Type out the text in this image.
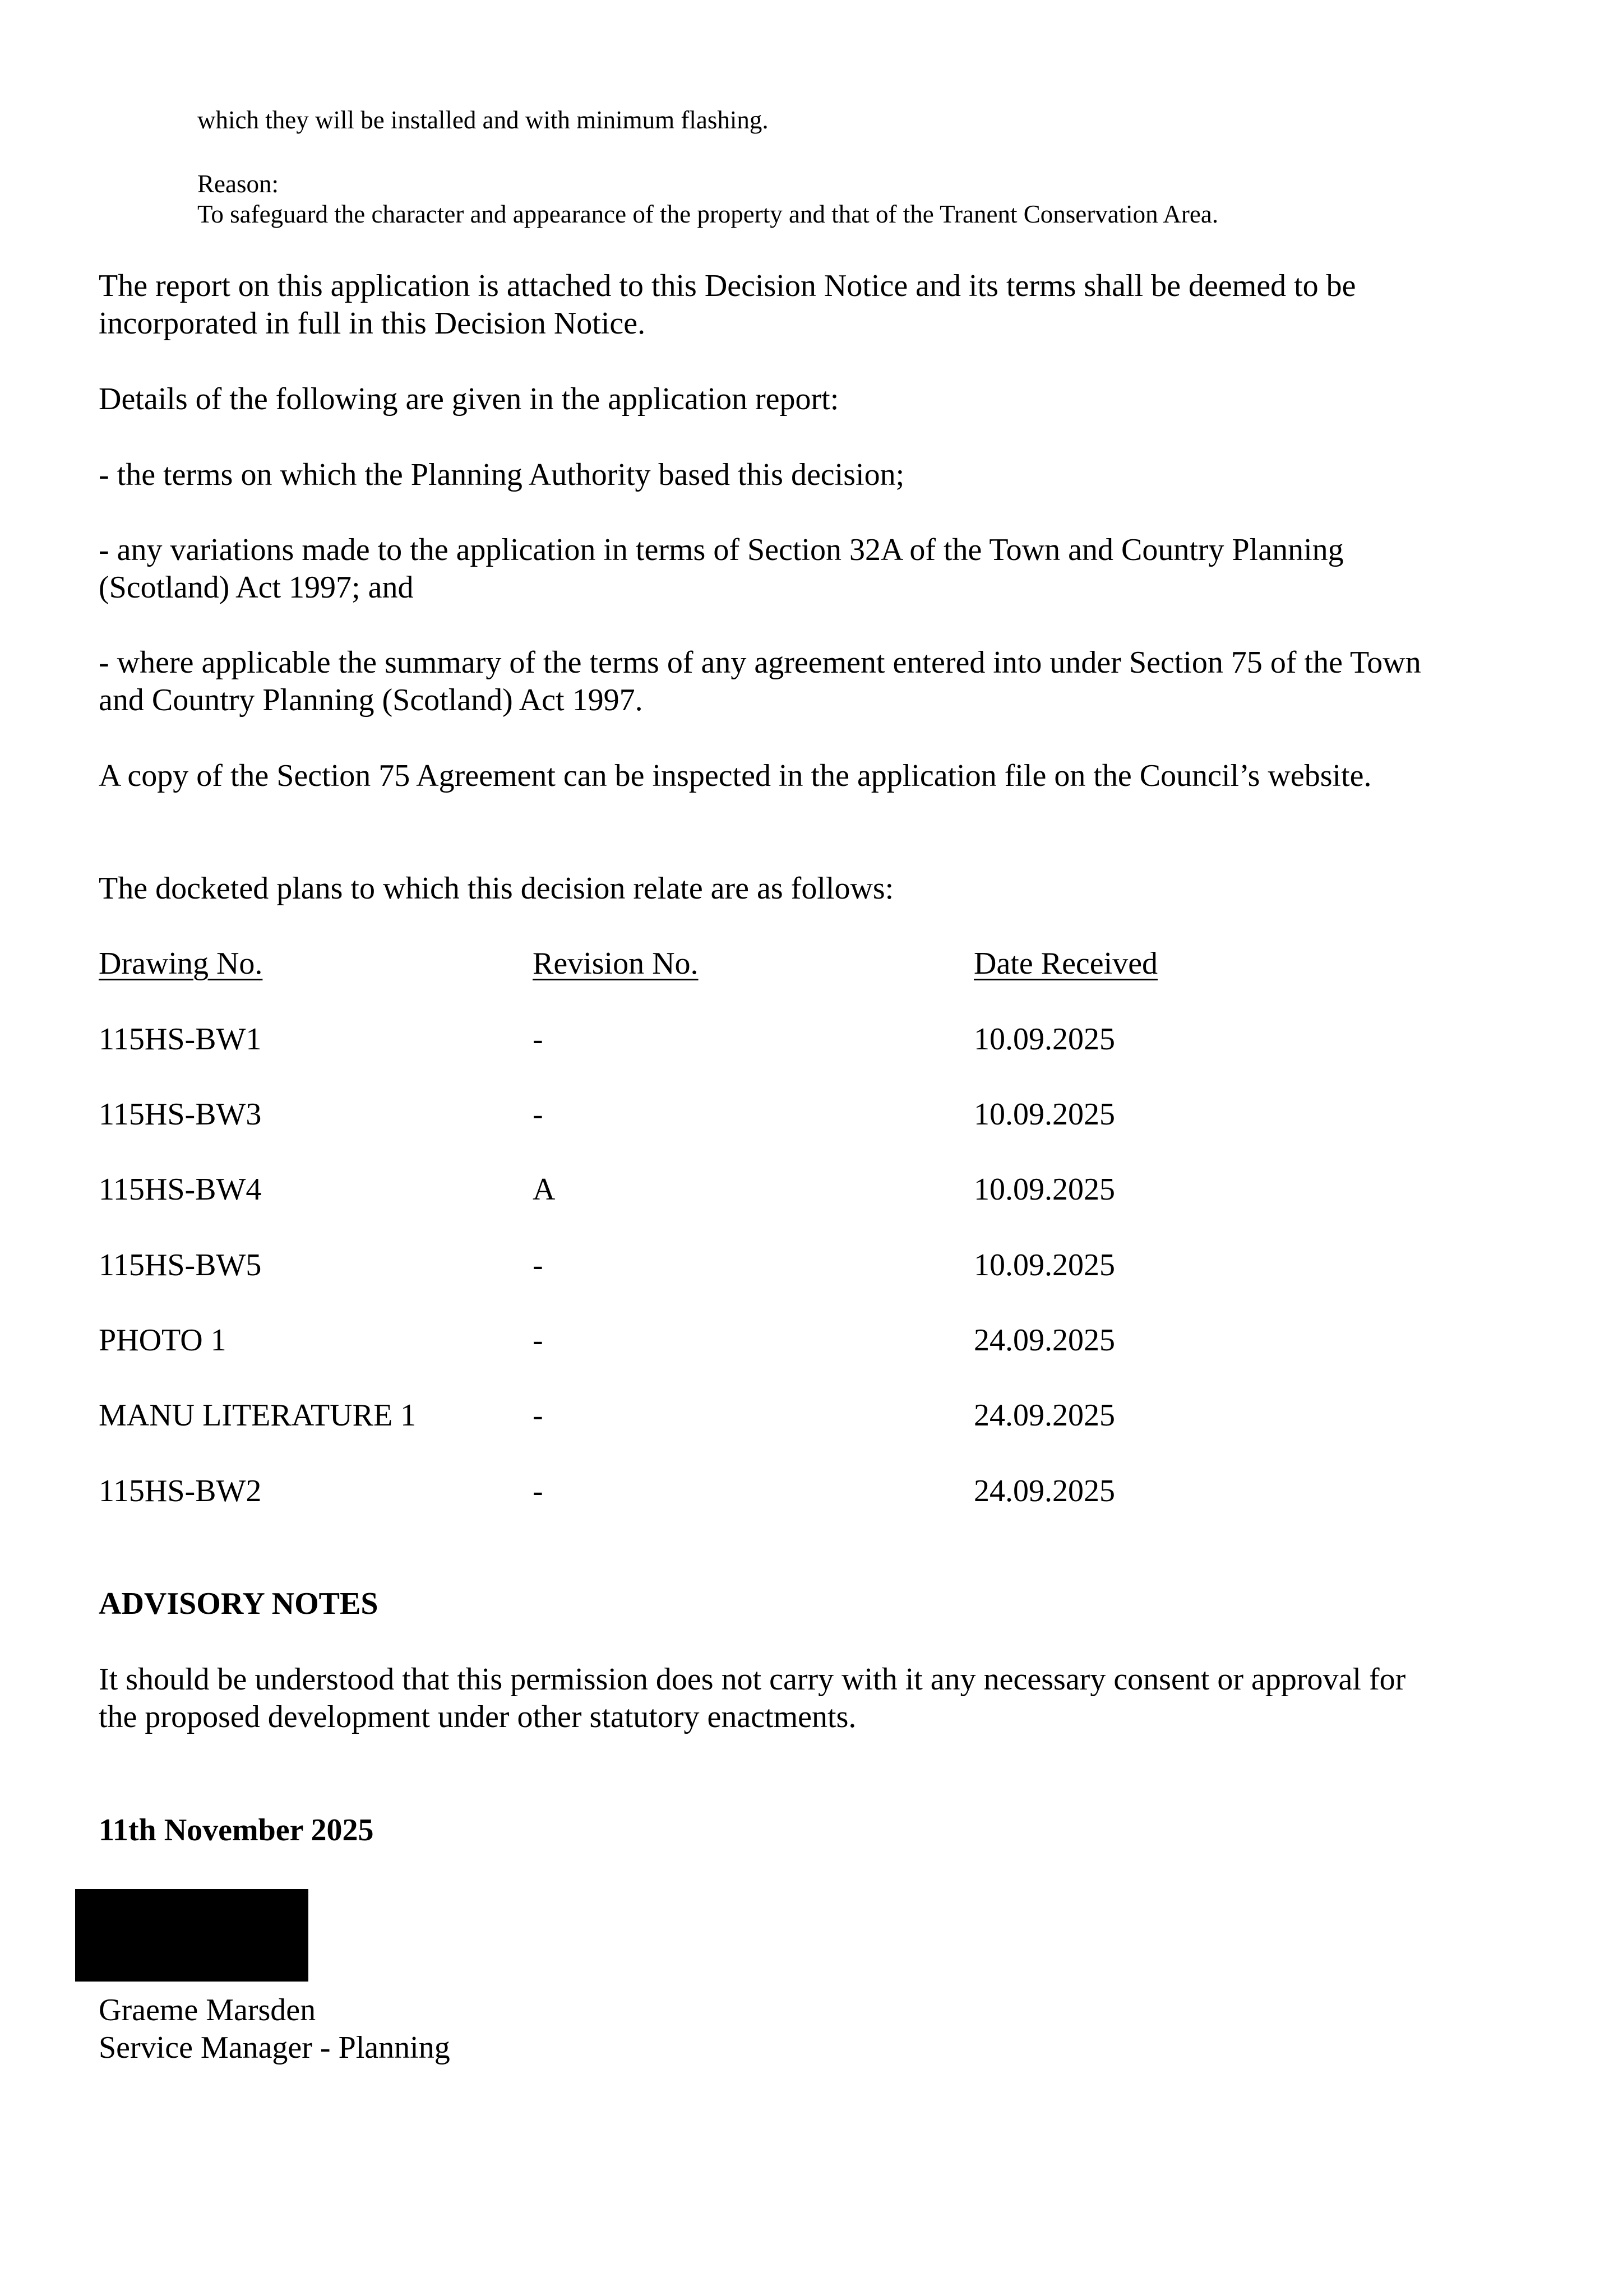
which they will be installed and with minimum flashing.
Reason:
To safeguard the character and appearance of the property and that of the Tranent Conservation Area.
The report on this application is attached to this Decision Notice and its terms shall be deemed to be incorporated in full in this Decision Notice.
Details of the following are given in the application report:
- the terms on which the Planning Authority based this decision;
- any variations made to the application in terms of Section 32A of the Town and Country Planning (Scotland) Act 1997; and
- where applicable the summary of the terms of any agreement entered into under Section 75 of the Town and Country Planning (Scotland) Act 1997.
A copy of the Section 75 Agreement can be inspected in the application file on the Council’s website.
The docketed plans to which this decision relate are as follows:
Drawing No.	Revision No.	Date Received
115HS-BW1	-	10.09.2025
115HS-BW3	-	10.09.2025
115HS-BW4	A	10.09.2025
115HS-BW5	-	10.09.2025
PHOTO 1	-	24.09.2025
MANU LITERATURE 1	-	24.09.2025
115HS-BW2	-	24.09.2025
ADVISORY NOTES
It should be understood that this permission does not carry with it any necessary consent or approval for the proposed development under other statutory enactments.
11th November 2025
Graeme Marsden
Service Manager - Planning
